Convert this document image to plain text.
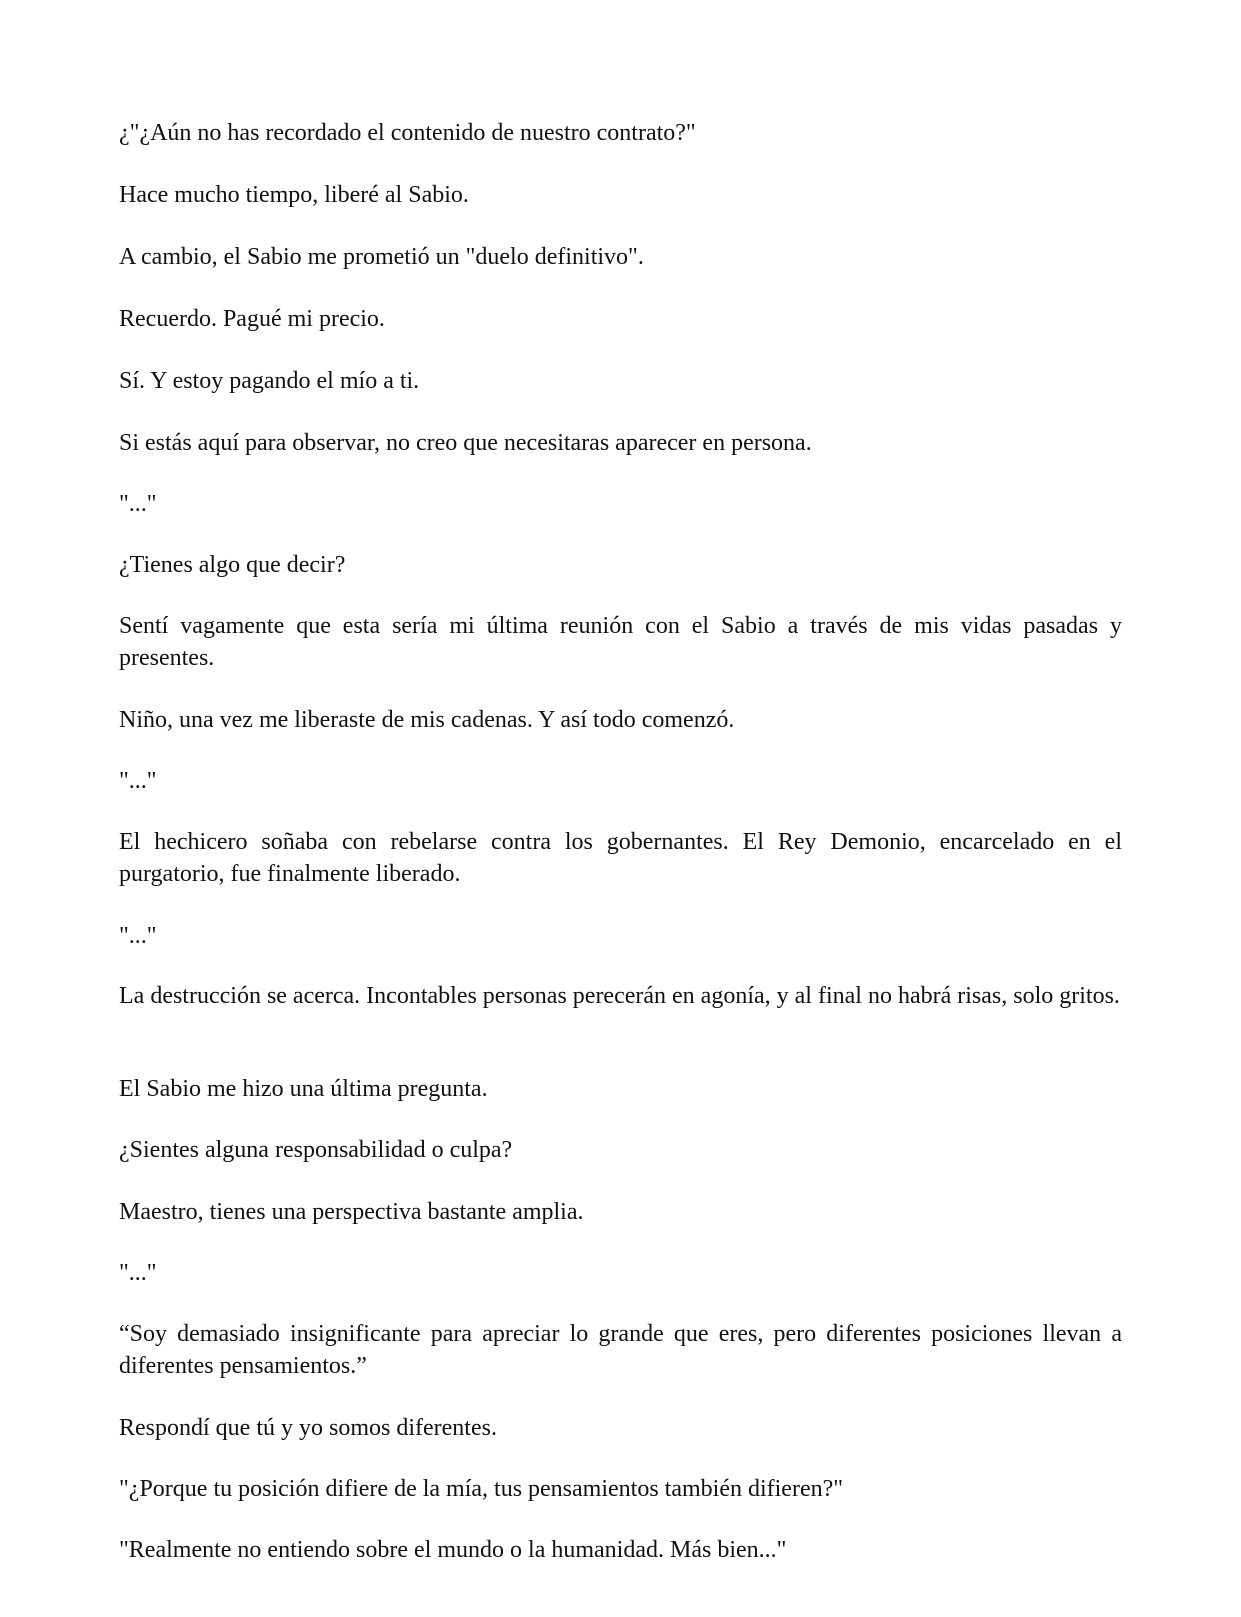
¿"¿Aún no has recordado el contenido de nuestro contrato?"

Hace mucho tiempo, liberé al Sabio.

A cambio, el Sabio me prometió un "duelo definitivo".

Recuerdo. Pagué mi precio.

Sí. Y estoy pagando el mío a ti.

Si estás aquí para observar, no creo que necesitaras aparecer en persona.

"..."

¿Tienes algo que decir?

Sentí vagamente que esta sería mi última reunión con el Sabio a través de mis vidas pasadas y presentes.

Niño, una vez me liberaste de mis cadenas. Y así todo comenzó.

"..."

El hechicero soñaba con rebelarse contra los gobernantes. El Rey Demonio, encarcelado en el purgatorio, fue finalmente liberado.

"..."

La destrucción se acerca. Incontables personas perecerán en agonía, y al final no habrá risas, solo gritos.

El Sabio me hizo una última pregunta.

¿Sientes alguna responsabilidad o culpa?

Maestro, tienes una perspectiva bastante amplia.

"..."

“Soy demasiado insignificante para apreciar lo grande que eres, pero diferentes posiciones llevan a diferentes pensamientos.”

Respondí que tú y yo somos diferentes.

"¿Porque tu posición difiere de la mía, tus pensamientos también difieren?"

"Realmente no entiendo sobre el mundo o la humanidad. Más bien..."
